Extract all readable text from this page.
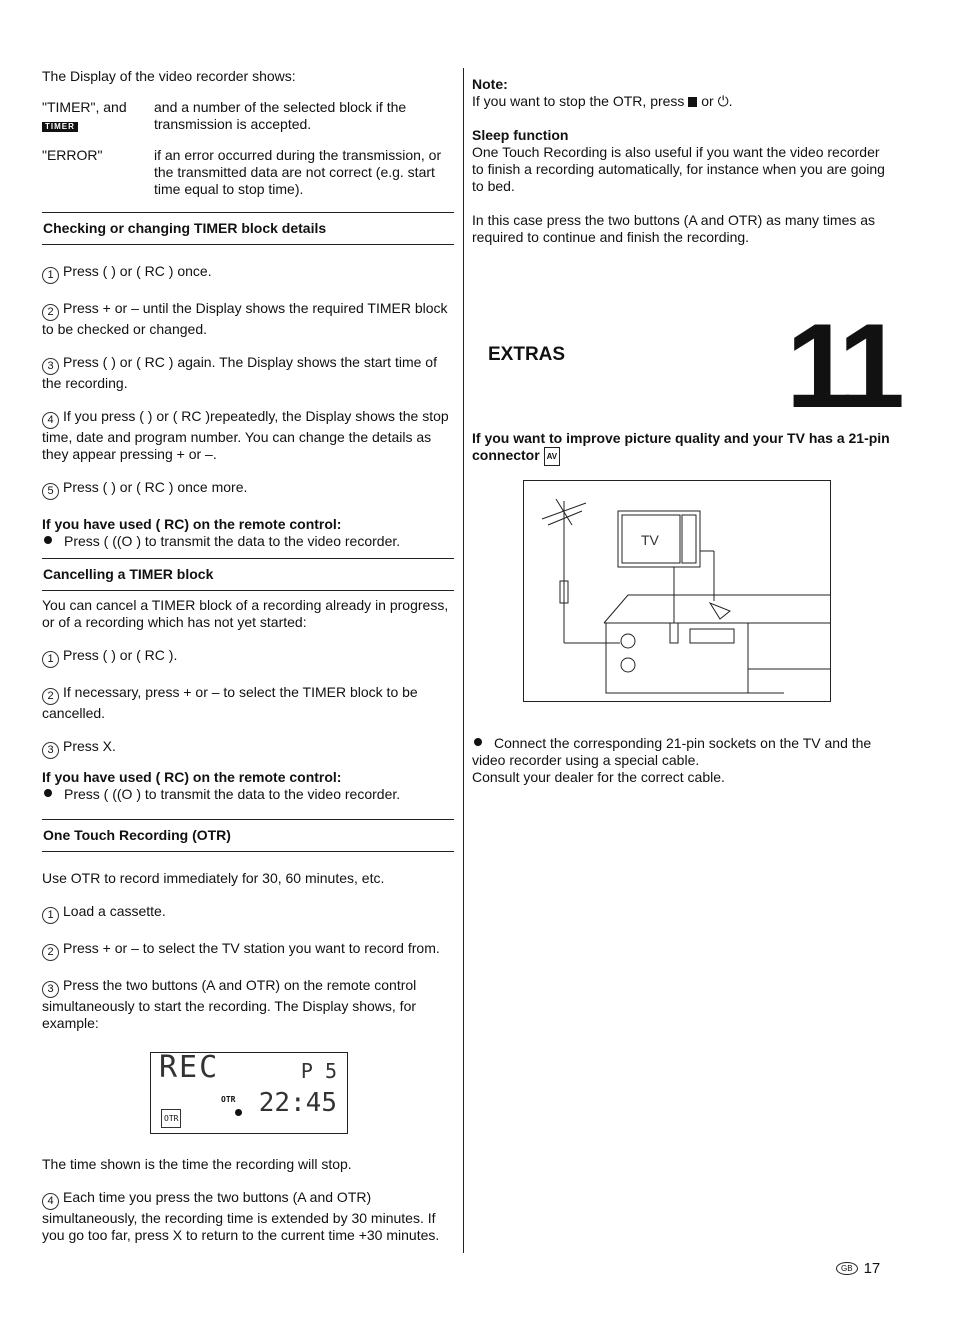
The Display of the video recorder shows:

"TIMER", and
TIMER
and a number of the selected block if the transmission is accepted.
"ERROR"	if an error occurred during the transmission, or the transmitted data are not correct (e.g. start time equal to stop time).
Checking or changing TIMER block details
1 Press ( ) or ( RC ) once.
2 Press + or – until the Display shows the required TIMER block to be checked or changed.
3 Press ( ) or ( RC ) again. The Display shows the start time of the recording.
4 If you press ( ) or ( RC )repeatedly, the Display shows the stop time, date and program number. You can change the details as they appear pressing + or –.
5 Press ( ) or ( RC ) once more.

If you have used ( RC) on the remote control:

Press ( ((O ) to transmit the data to the video recorder.

Cancelling a TIMER block

You can cancel a TIMER block of a recording already in progress, or of a recording which has not yet started:

1 Press ( ) or ( RC ).
2 If necessary, press + or – to select the TIMER block to be cancelled.
3 Press X.

If you have used ( RC) on the remote control:

Press ( ((O ) to transmit the data to the video recorder.

One Touch Recording (OTR)

Use OTR to record immediately for 30, 60 minutes, etc.

1 Load a cassette.
2 Press + or – to select the TV station you want to record from.
3 Press the two buttons (A and OTR) on the remote control simultaneously to start the recording. The Display shows, for example:
REC	P 5
OTR
OTR
22:45

The time shown is the time the recording will stop.

4 Each time you press the two buttons (A and OTR) simultaneously, the recording time is extended by 30 minutes. If you go too far, press X to return to the current time +30 minutes.

Note:

If you want to stop the OTR, press or ⏻.

Sleep function

One Touch Recording is also useful if you want the video recorder to finish a recording automatically, for instance when you are going to bed.

In this case press the two buttons (A and OTR) as many times as required to continue and finish the recording.

EXTRAS 11
If you want to improve picture quality and your TV has a 21-pin connector AV
TV

Connect the corresponding 21-pin sockets on the TV and the video recorder using a special cable.

Consult your dealer for the correct cable.

GB 17
